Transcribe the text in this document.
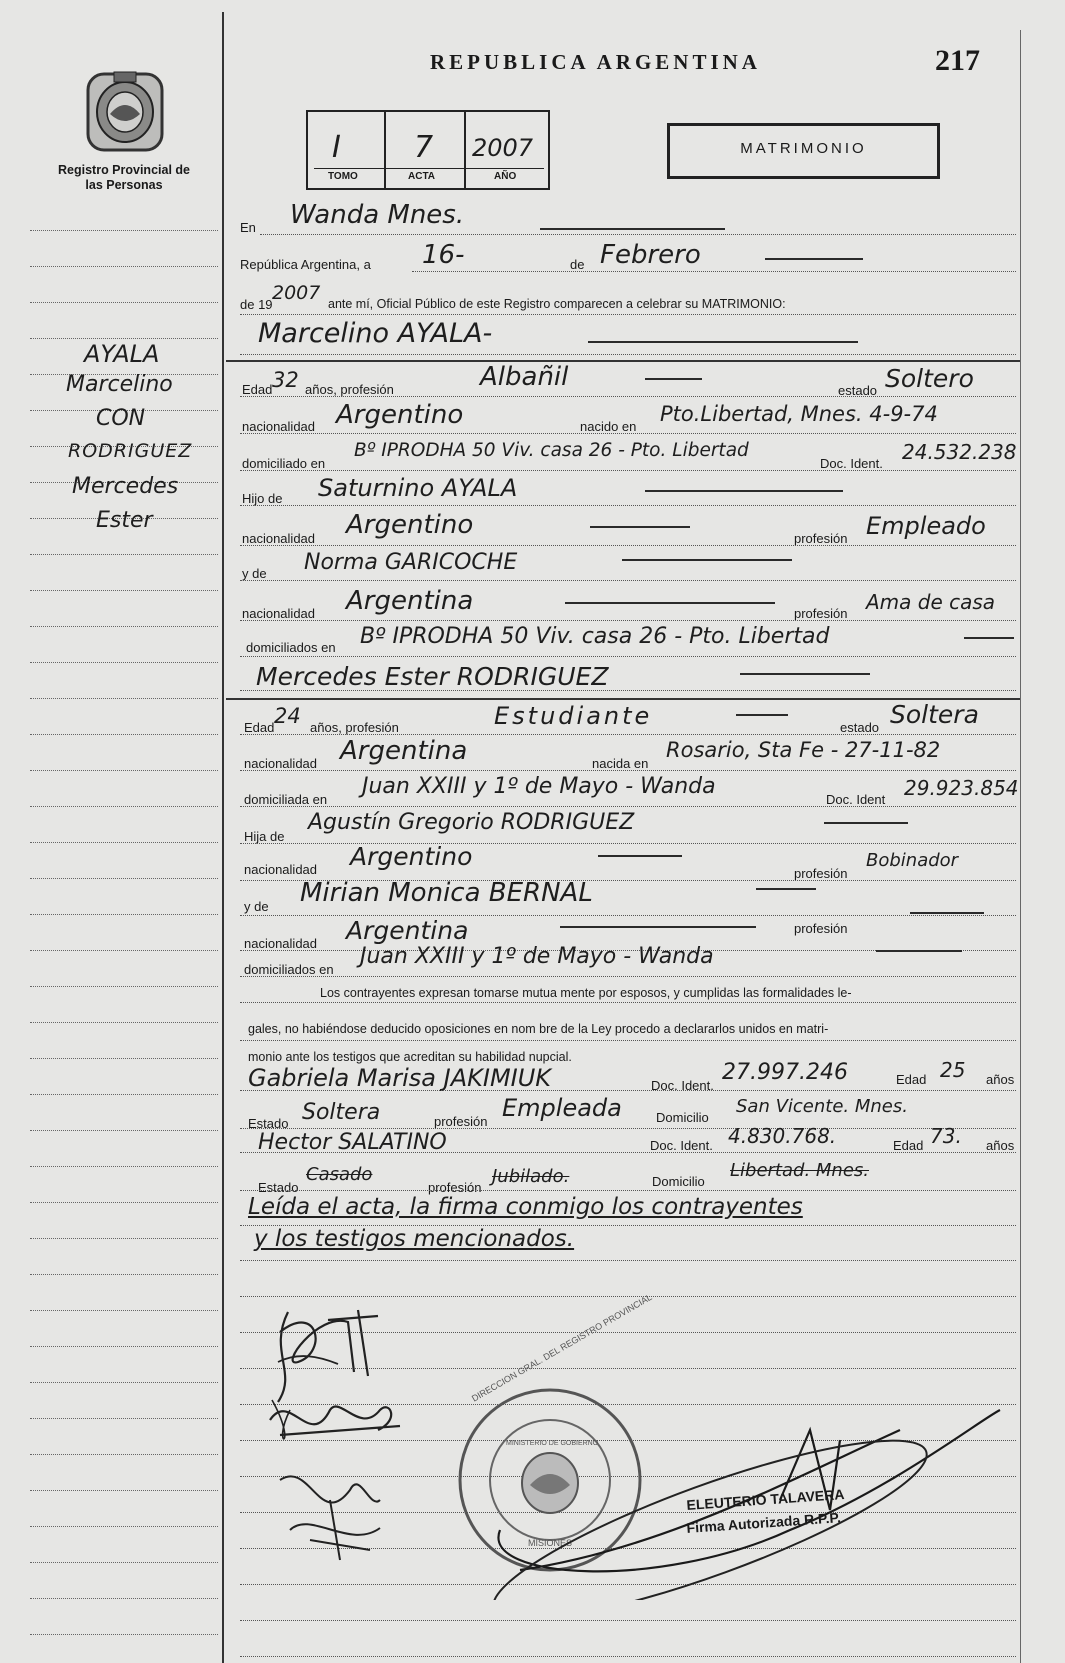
Registro Provincial de las Personas
REPUBLICA ARGENTINA	217
I 7 2007
TOMO	ACTA	AÑO
MATRIMONIO
AYALA
Marcelino
CON
RODRIGUEZ
Mercedes
Ester
En Wanda Mnes.
República Argentina, a 16-	de Febrero
de 19
2007 ante mí, Oficial Público de este Registro comparecen a celebrar su MATRIMONIO:
Marcelino AYALA-
Edad 32 años, profesión	Albañil	estado Soltero
nacionalidad Argentino	nacido en
Pto.Libertad, Mnes. 4-9-74
domiciliado en
Bº IPRODHA 50 Viv. casa 26 - Pto. Libertad
Doc. Ident. 24.532.238
Hijo de Saturnino AYALA
nacionalidad Argentino	profesión Empleado
y de Norma GARICOCHE
nacionalidad Argentina	profesión Ama de casa
domiciliados en Bº IPRODHA 50 Viv. casa 26 - Pto. Libertad
Mercedes Ester RODRIGUEZ
Edad 24 años, profesión	Estudiante	estado Soltera
nacionalidad Argentina	nacida en
Rosario, Sta Fe - 27-11-82
domiciliada en
Juan XXIII y 1º de Mayo - Wanda
Doc. Ident 29.923.854
Hija de
Agustín Gregorio RODRIGUEZ
nacionalidad Argentino
profesión
Bobinador
y de Mirian Monica BERNAL
nacionalidad Argentina	profesión
domiciliados en
Juan XXIII y 1º de Mayo - Wanda
Los contrayentes expresan tomarse mutua mente por esposos, y cumplidas las formalidades le-
gales, no habiéndose deducido oposiciones en nom bre de la Ley procedo a declararlos unidos en matri-
monio ante los testigos que acreditan su habilidad nupcial.
Gabriela Marisa JAKIMIUK	Doc. Ident.
27.997.246	Edad 25 años
Estado Soltera	profesión Empleada	Domicilio
San Vicente. Mnes.
Hector SALATINO	Doc. Ident. 4.830.768.	Edad 73. años
Estado
Casado
profesión
Jubilado.	Domicilio
Libertad. Mnes.
Leída el acta, la firma conmigo los contrayentes
y los testigos mencionados.
DIRECCION GRAL. DEL REGISTRO PROVINCIAL
MINISTERIO DE GOBIERNO
MISIONES
ELEUTERIO TALAVERA
Firma Autorizada R.P.P.
